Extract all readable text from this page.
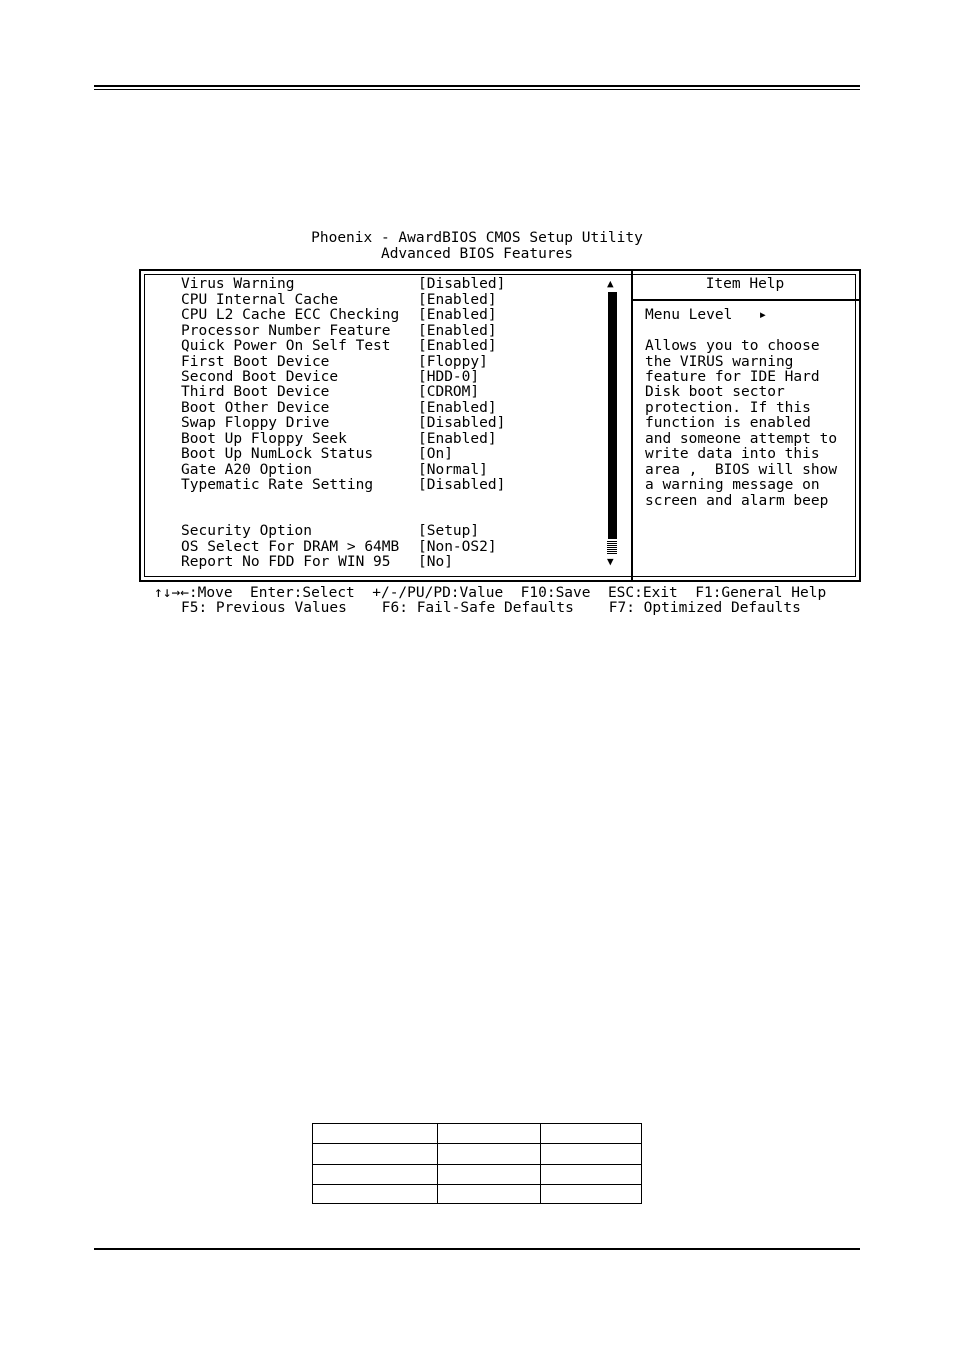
Phoenix - AwardBIOS CMOS Setup Utility
Advanced BIOS Features
Virus Warning	[Disabled]
CPU Internal Cache	[Enabled]
CPU L2 Cache ECC Checking [Enabled]
Processor Number Feature [Enabled]
Quick Power On Self Test [Enabled]
First Boot Device	[Floppy]
Second Boot Device	[HDD-0]
Third Boot Device	[CDROM]
Boot Other Device	[Enabled]
Swap Floppy Drive	[Disabled]
Boot Up Floppy Seek	[Enabled]
Boot Up NumLock Status	[On]
Gate A20 Option	[Normal]
Typematic Rate Setting	[Disabled]
Security Option	[Setup]
OS Select For DRAM > 64MB [Non-OS2]
Report No FDD For WIN 95 [No]
▲
▼
Item Help
Menu Level   ▸
Allows you to choose
the VIRUS warning
feature for IDE Hard
Disk boot sector
protection. If this
function is enabled
and someone attempt to
write data into this
area ,  BIOS will show
a warning message on
screen and alarm beep
↑↓→←:Move  Enter:Select  +/-/PU/PD:Value  F10:Save  ESC:Exit  F1:General Help
F5: Previous Values    F6: Fail-Safe Defaults    F7: Optimized Defaults
